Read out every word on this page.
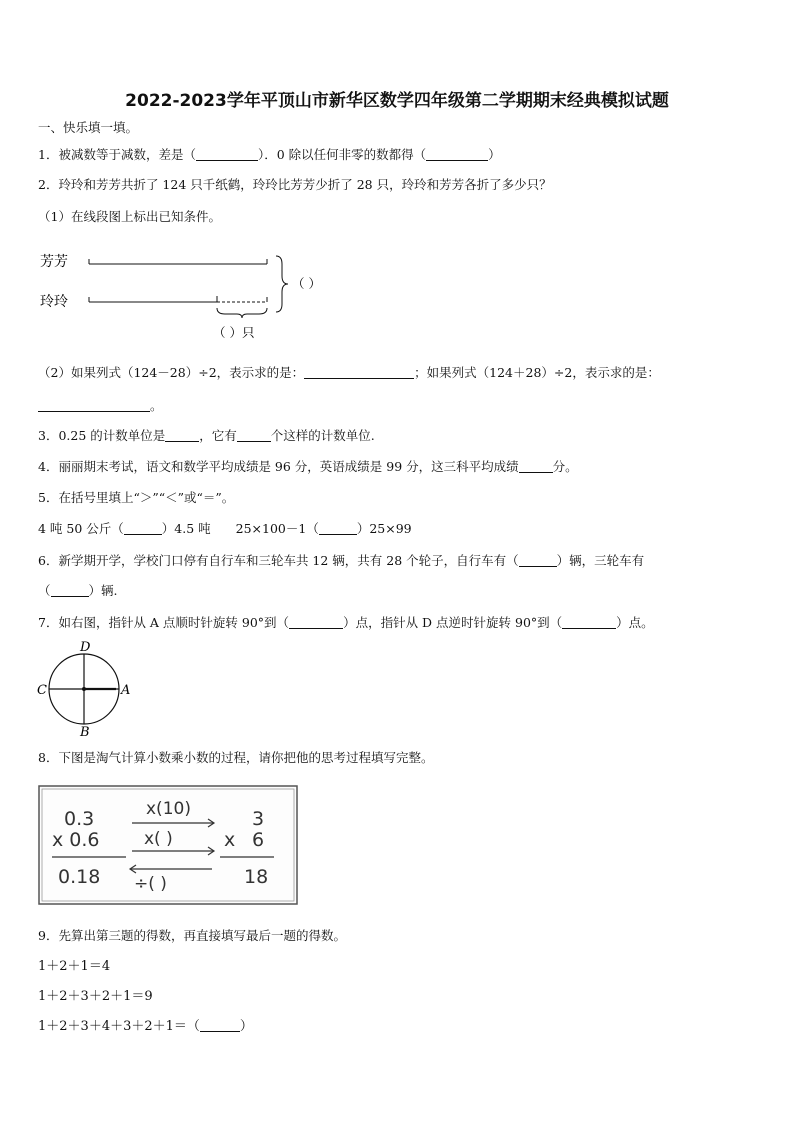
2022-2023学年平顶山市新华区数学四年级第二学期期末经典模拟试题
一、快乐填一填。
1．被减数等于减数，差是（	）．0 除以任何非零的数都得（	）
2．玲玲和芳芳共折了 124 只千纸鹤，玲玲比芳芳少折了 28 只，玲玲和芳芳各折了多少只？
（1）在线段图上标出已知条件。
芳芳
玲玲
（ ）
（ ）只
（2）如果列式（124－28）÷2，表示求的是：	；如果列式（124＋28）÷2，表示求的是：
。
3．0.25 的计数单位是	，它有	个这样的计数单位.
4．丽丽期末考试，语文和数学平均成绩是 96 分，英语成绩是 99 分，这三科平均成绩	分。
5．在括号里填上“＞”“＜”或“＝”。
4 吨 50 公斤（	）4.5 吨　　25×100－1（	）25×99
6．新学期开学，学校门口停有自行车和三轮车共 12 辆，共有 28 个轮子，自行车有（	）辆，三轮车有
（	）辆.
7．如右图，指针从 A 点顺时针旋转 90°到（	）点，指针从 D 点逆时针旋转 90°到（	）点。
D
C	A
B
8．下图是淘气计算小数乘小数的过程，请你把他的思考过程填写完整。
0.3
x 0.6
0.18
x(10)
x( )
÷( )
3
x 6
18
9．先算出第三题的得数，再直接填写最后一题的得数。
1＋2＋1＝4
1＋2＋3＋2＋1＝9
1＋2＋3＋4＋3＋2＋1＝（	）
